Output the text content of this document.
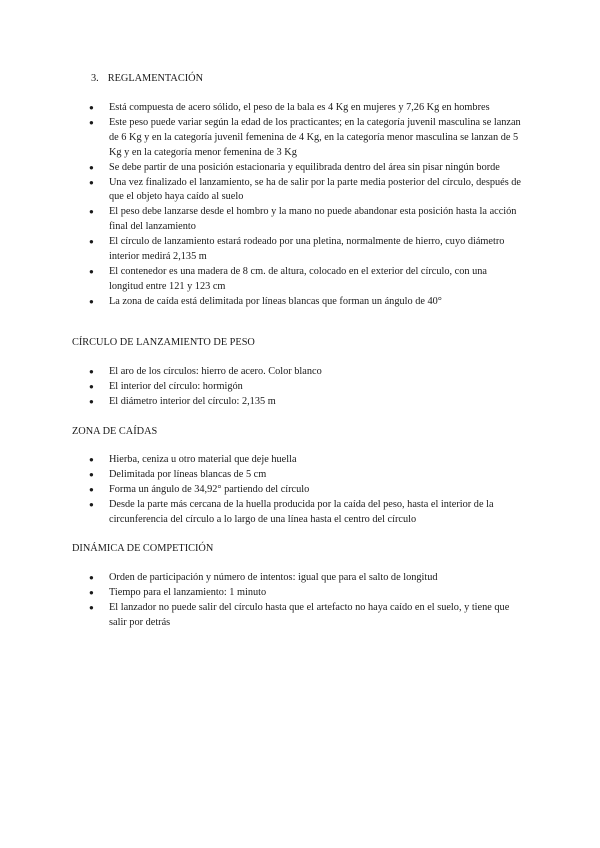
3. REGLAMENTACIÓN
● Está compuesta de acero sólido, el peso de la bala es 4 Kg en mujeres y 7,26 Kg en hombres
● Este peso puede variar según la edad de los practicantes; en la categoría juvenil masculina se lanzan de 6 Kg y en la categoría juvenil femenina de 4 Kg, en la categoría menor masculina se lanzan de 5 Kg y en la categoría menor femenina de 3 Kg
● Se debe partir de una posición estacionaria y equilibrada dentro del área sin pisar ningún borde
● Una vez finalizado el lanzamiento, se ha de salir por la parte media posterior del círculo, después de que el objeto haya caído al suelo
● El peso debe lanzarse desde el hombro y la mano no puede abandonar esta posición hasta la acción final del lanzamiento
● El círculo de lanzamiento estará rodeado por una pletina, normalmente de hierro, cuyo diámetro interior medirá 2,135 m
● El contenedor es una madera de 8 cm. de altura, colocado en el exterior del círculo, con una longitud entre 121 y 123 cm
● La zona de caída está delimitada por líneas blancas que forman un ángulo de 40°
CÍRCULO DE LANZAMIENTO DE PESO
● El aro de los círculos: hierro de acero. Color blanco
● El interior del círculo: hormigón
● El diámetro interior del círculo: 2,135 m
ZONA DE CAÍDAS
● Hierba, ceniza u otro material que deje huella
● Delimitada por líneas blancas de 5 cm
● Forma un ángulo de 34,92° partiendo del círculo
● Desde la parte más cercana de la huella producida por la caída del peso, hasta el interior de la circunferencia del círculo a lo largo de una línea hasta el centro del círculo
DINÁMICA DE COMPETICIÓN
● Orden de participación y número de intentos: igual que para el salto de longitud
● Tiempo para el lanzamiento: 1 minuto
● El lanzador no puede salir del círculo hasta que el artefacto no haya caído en el suelo, y tiene que salir por detrás
